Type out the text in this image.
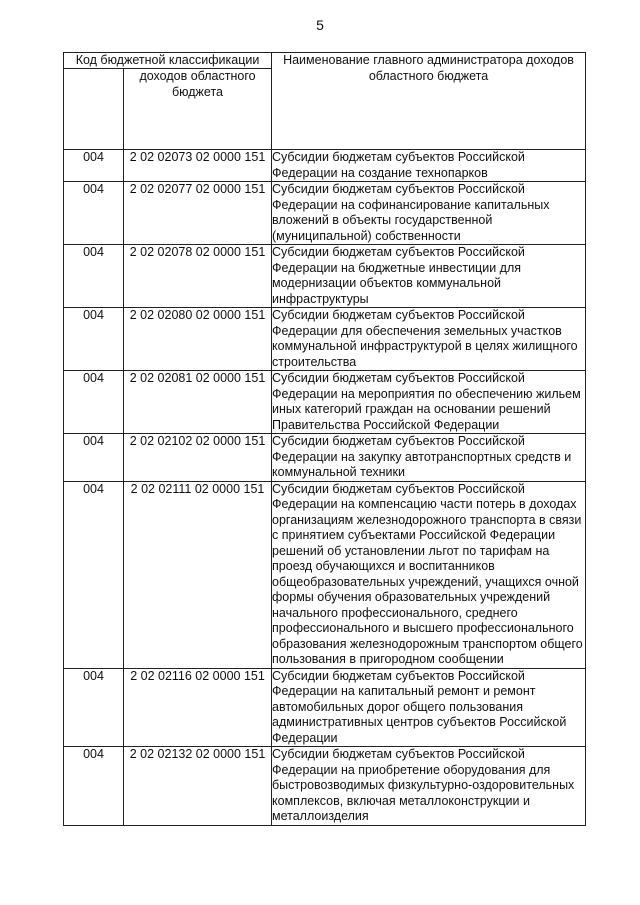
5
Код бюджетной классификации		Наименование главного администратора доходов областного бюджета
	доходов областного бюджета	
004	2 02 02073 02 0000 151	Субсидии бюджетам субъектов Российской Федерации на создание технопарков
004	2 02 02077 02 0000 151	Субсидии бюджетам субъектов Российской Федерации на софинансирование капитальных вложений в объекты государственной (муниципальной) собственности
004	2 02 02078 02 0000 151	Субсидии бюджетам субъектов Российской Федерации на бюджетные инвестиции для модернизации объектов коммунальной инфраструктуры
004	2 02 02080 02 0000 151	Субсидии бюджетам субъектов Российской Федерации для обеспечения земельных участков коммунальной инфраструктурой в целях жилищного строительства
004	2 02 02081 02 0000 151	Субсидии бюджетам субъектов Российской Федерации на мероприятия по обеспечению жильем иных категорий граждан на основании решений Правительства Российской Федерации
004	2 02 02102 02 0000 151	Субсидии бюджетам субъектов Российской Федерации на закупку автотранспортных средств и коммунальной техники
004	2 02 02111 02 0000 151	Субсидии бюджетам субъектов Российской Федерации на компенсацию части потерь в доходах организациям железнодорожного транспорта в связи с принятием субъектами Российской Федерации решений об установлении льгот по тарифам на проезд обучающихся и воспитанников общеобразовательных учреждений, учащихся очной формы обучения образовательных учреждений начального профессионального, среднего профессионального и высшего профессионального образования железнодорожным транспортом общего пользования в пригородном сообщении
004	2 02 02116 02 0000 151	Субсидии бюджетам субъектов Российской Федерации на капитальный ремонт и ремонт автомобильных дорог общего пользования административных центров субъектов Российской Федерации
004	2 02 02132 02 0000 151	Субсидии бюджетам субъектов Российской Федерации на приобретение оборудования для быстровозводимых физкультурно-оздоровительных комплексов, включая металлоконструкции и металлоизделия
